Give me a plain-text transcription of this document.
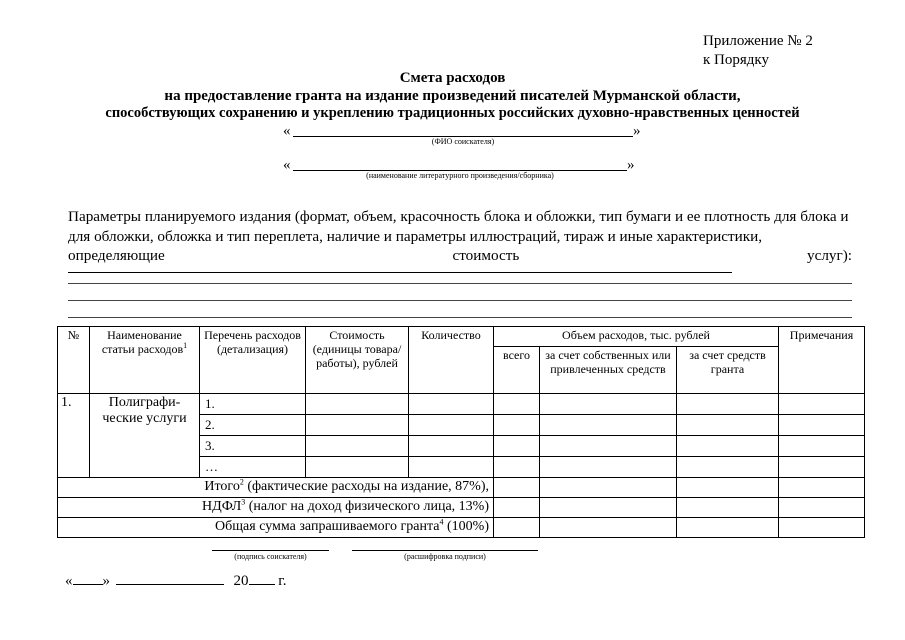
Приложение № 2
к Порядку
Смета расходов
на предоставление гранта на издание произведений писателей Мурманской области,
способствующих сохранению и укреплению традиционных российских духовно-нравственных ценностей
«	»
(ФИО соискателя)
«	»
(наименование литературного произведения/сборника)
Параметры планируемого издания (формат, объем, красочность блока и обложки, тип бумаги и ее плотность для блока и
для обложки, обложка и тип переплета, наличие и параметры иллюстраций, тираж и иные характеристики,
определяющие	стоимость	услуг):
№	Наименование статьи расходов$^1$	Перечень расходов (детализация)	Стоимость (единицы товара/работы), рублей	Количество	Объем расходов, тыс. рублей			Примечания
					всего	за счет собственных или привлеченных средств	за счет средств гранта	
1.	Полиграфи-ческие услуги	1.						
		2.						
		3.						
		…						
Итого$^2$ (фактические расходы на издание, 87%),								
НДФЛ$^3$ (налог на доход физического лица, 13%)								
Общая сумма запрашиваемого гранта$^4$ (100%)								
(подпись соискателя)	(расшифровка подписи)
« »	20 г.
